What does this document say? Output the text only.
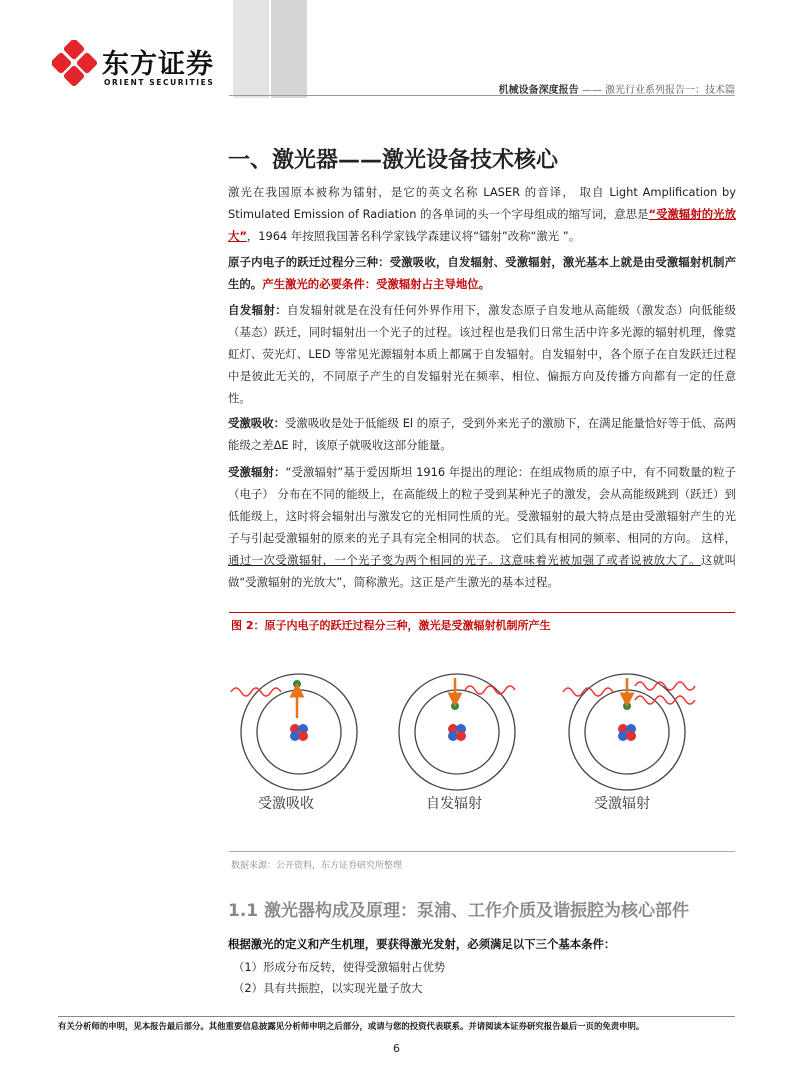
东方证券
ORIENT SECURITIES
机械设备深度报告 —— 激光行业系列报告一：技术篇
一、激光器——激光设备技术核心

激光在我国原本被称为镭射，是它的英文名称 LASER 的音译， 取自 Light Amplification by Stimulated Emission of Radiation 的各单词的头一个字母组成的缩写词，意思是“受激辐射的光放大”，1964 年按照我国著名科学家钱学森建议将“镭射”改称“激光 ”。

原子内电子的跃迁过程分三种：受激吸收，自发辐射、受激辐射，激光基本上就是由受激辐射机制产生的。产生激光的必要条件：受激辐射占主导地位。

自发辐射：自发辐射就是在没有任何外界作用下，激发态原子自发地从高能级（激发态）向低能级（基态）跃迁，同时辐射出一个光子的过程。该过程也是我们日常生活中许多光源的辐射机理，像霓虹灯、荧光灯、LED 等常见光源辐射本质上都属于自发辐射。自发辐射中，各个原子在自发跃迁过程中是彼此无关的，不同原子产生的自发辐射光在频率、相位、偏振方向及传播方向都有一定的任意性。

受激吸收：受激吸收是处于低能级 El 的原子，受到外来光子的激励下，在满足能量恰好等于低、高两能级之差ΔE 时，该原子就吸收这部分能量。

受激辐射：“受激辐射”基于爱因斯坦 1916 年提出的理论：在组成物质的原子中，有不同数量的粒子（电子） 分布在不同的能级上，在高能级上的粒子受到某种光子的激发，会从高能级跳到（跃迁）到低能级上，这时将会辐射出与激发它的光相同性质的光。受激辐射的最大特点是由受激辐射产生的光子与引起受激辐射的原来的光子具有完全相同的状态。 它们具有相同的频率、相同的方向。 这样，通过一次受激辐射，一个光子变为两个相同的光子。这意味着光被加强了或者说被放大了。这就叫做“受激辐射的光放大”，简称激光。这正是产生激光的基本过程。

图 2：原子内电子的跃迁过程分三种，激光是受激辐射机制所产生
受激吸收	自发辐射	受激辐射
数据来源：公开资料，东方证券研究所整理
1.1 激光器构成及原理：泵浦、工作介质及谐振腔为核心部件
根据激光的定义和产生机理，要获得激光发射，必须满足以下三个基本条件：
（1）形成分布反转，使得受激辐射占优势
（2）具有共振腔，以实现光量子放大
有关分析师的申明，见本报告最后部分。其他重要信息披露见分析师申明之后部分，或请与您的投资代表联系。并请阅读本证券研究报告最后一页的免责申明。
6
